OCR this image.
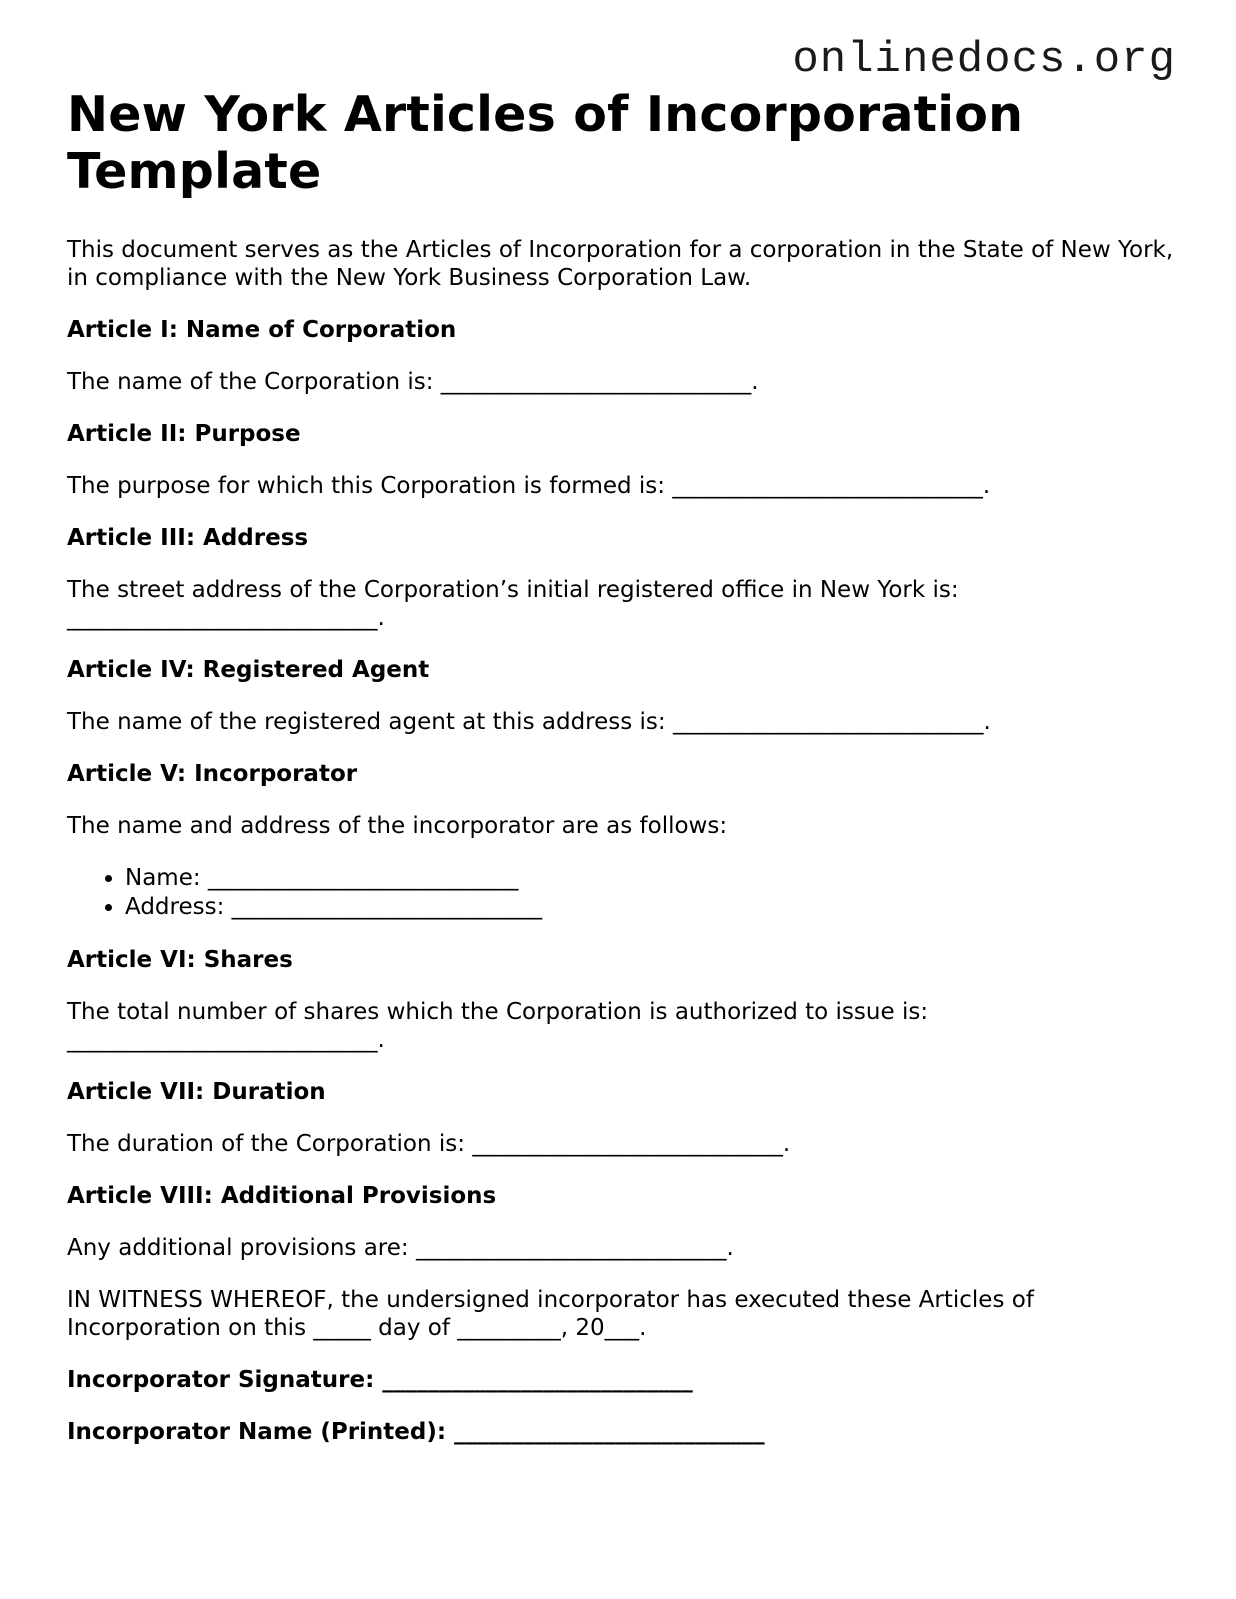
onlinedocs.org
New York Articles of Incorporation Template

This document serves as the Articles of Incorporation for a corporation in the State of New York, in compliance with the New York Business Corporation Law.

Article I: Name of Corporation

The name of the Corporation is: ___________________________.

Article II: Purpose

The purpose for which this Corporation is formed is: ___________________________.

Article III: Address

The street address of the Corporation’s initial registered office in New York is: ___________________________.

Article IV: Registered Agent

The name of the registered agent at this address is: ___________________________.

Article V: Incorporator

The name and address of the incorporator are as follows:

• Name: ___________________________
• Address: ___________________________

Article VI: Shares

The total number of shares which the Corporation is authorized to issue is: ___________________________.

Article VII: Duration

The duration of the Corporation is: ___________________________.

Article VIII: Additional Provisions

Any additional provisions are: ___________________________.

IN WITNESS WHEREOF, the undersigned incorporator has executed these Articles of Incorporation on this _____ day of _________, 20___.

Incorporator Signature: ___________________________

Incorporator Name (Printed): ___________________________
